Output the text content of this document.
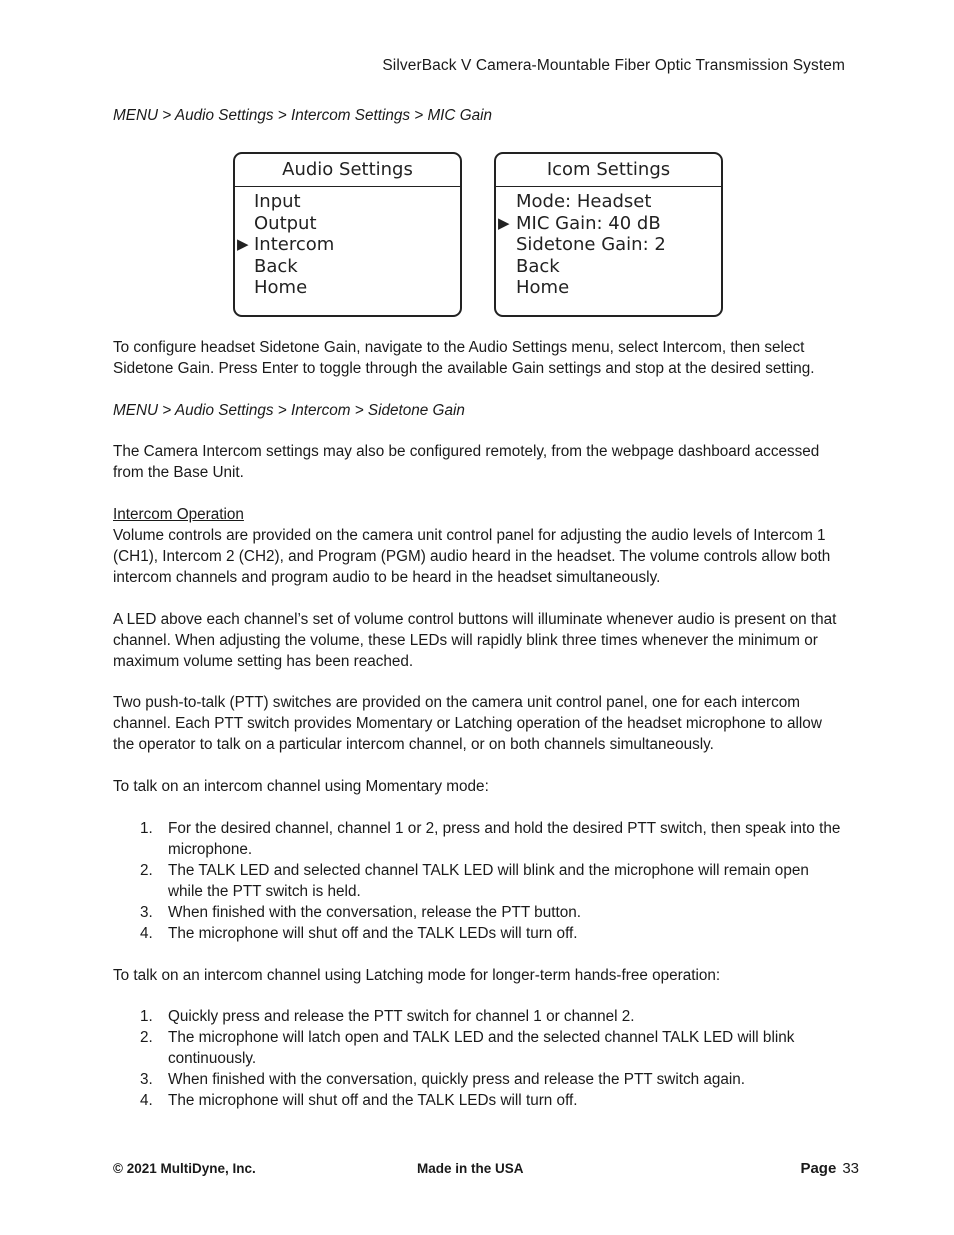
SilverBack V Camera-Mountable Fiber Optic Transmission System
MENU > Audio Settings > Intercom Settings > MIC Gain
Audio Settings
Input
Output
▶ Intercom
Back
Home
Icom Settings
Mode: Headset
▶ MIC Gain: 40 dB
Sidetone Gain: 2
Back
Home
To configure headset Sidetone Gain, navigate to the Audio Settings menu, select Intercom, then select Sidetone Gain. Press Enter to toggle through the available Gain settings and stop at the desired setting.
MENU > Audio Settings > Intercom > Sidetone Gain
The Camera Intercom settings may also be configured remotely, from the webpage dashboard accessed from the Base Unit.
Intercom Operation
Volume controls are provided on the camera unit control panel for adjusting the audio levels of Intercom 1 (CH1), Intercom 2 (CH2), and Program (PGM) audio heard in the headset. The volume controls allow both intercom channels and program audio to be heard in the headset simultaneously.
A LED above each channel’s set of volume control buttons will illuminate whenever audio is present on that channel. When adjusting the volume, these LEDs will rapidly blink three times whenever the minimum or maximum volume setting has been reached.
Two push-to-talk (PTT) switches are provided on the camera unit control panel, one for each intercom channel. Each PTT switch provides Momentary or Latching operation of the headset microphone to allow the operator to talk on a particular intercom channel, or on both channels simultaneously.
To talk on an intercom channel using Momentary mode:
1. For the desired channel, channel 1 or 2, press and hold the desired PTT switch, then speak into the microphone.
2. The TALK LED and selected channel TALK LED will blink and the microphone will remain open while the PTT switch is held.
3. When finished with the conversation, release the PTT button.
4. The microphone will shut off and the TALK LEDs will turn off.
To talk on an intercom channel using Latching mode for longer-term hands-free operation:
1. Quickly press and release the PTT switch for channel 1 or channel 2.
2. The microphone will latch open and TALK LED and the selected channel TALK LED will blink continuously.
3. When finished with the conversation, quickly press and release the PTT switch again.
4. The microphone will shut off and the TALK LEDs will turn off.
© 2021 MultiDyne, Inc.	Made in the USA	Page 33
